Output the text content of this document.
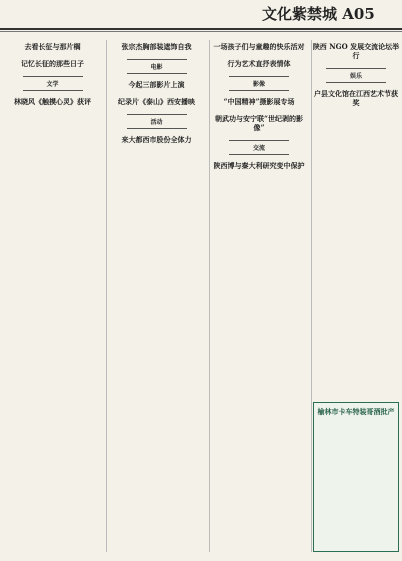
文化紫禁城 A05
去看长征与那片榈
记忆长征的那些日子
文学
林晓风《触摸心灵》获评
张宗杰胸部装遮饰自我
电影
今起三部影片上演
纪录片《泰山》西安播映
活动
来大都西市股份全体力
一场孩子们与童趣的快乐活对
行为艺术直抒表情体
影像
“中国精神”摄影展专场
朝武功与安宁联“世纪剥的影像”
交流
陕西博与秦大利研究变中保护
陕西 NGO 发展交流论坛举行
娱乐
户县文化馆在江西艺术节获奖
榆林市卡车特装哥酒批产
